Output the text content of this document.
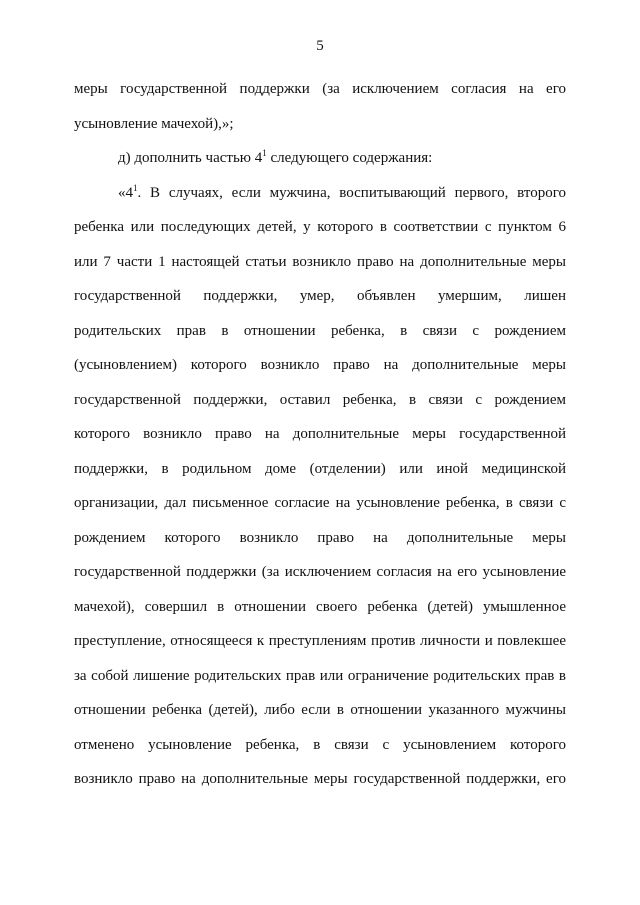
5

меры государственной поддержки (за исключением согласия на его

усыновление мачехой),»;

д) дополнить частью $4^1$ следующего содержания:

«$4^1$. В случаях, если мужчина, воспитывающий первого, второго

ребенка или последующих детей, у которого в соответствии с пунктом 6

или 7 части 1 настоящей статьи возникло право на дополнительные меры

государственной поддержки, умер, объявлен умершим, лишен

родительских прав в отношении ребенка, в связи с рождением

(усыновлением) которого возникло право на дополнительные меры

государственной поддержки, оставил ребенка, в связи с рождением

которого возникло право на дополнительные меры государственной

поддержки, в родильном доме (отделении) или иной медицинской

организации, дал письменное согласие на усыновление ребенка, в связи с

рождением которого возникло право на дополнительные меры

государственной поддержки (за исключением согласия на его усыновление

мачехой), совершил в отношении своего ребенка (детей) умышленное

преступление, относящееся к преступлениям против личности и повлекшее

за собой лишение родительских прав или ограничение родительских прав в

отношении ребенка (детей), либо если в отношении указанного мужчины

отменено усыновление ребенка, в связи с усыновлением которого

возникло право на дополнительные меры государственной поддержки, его
